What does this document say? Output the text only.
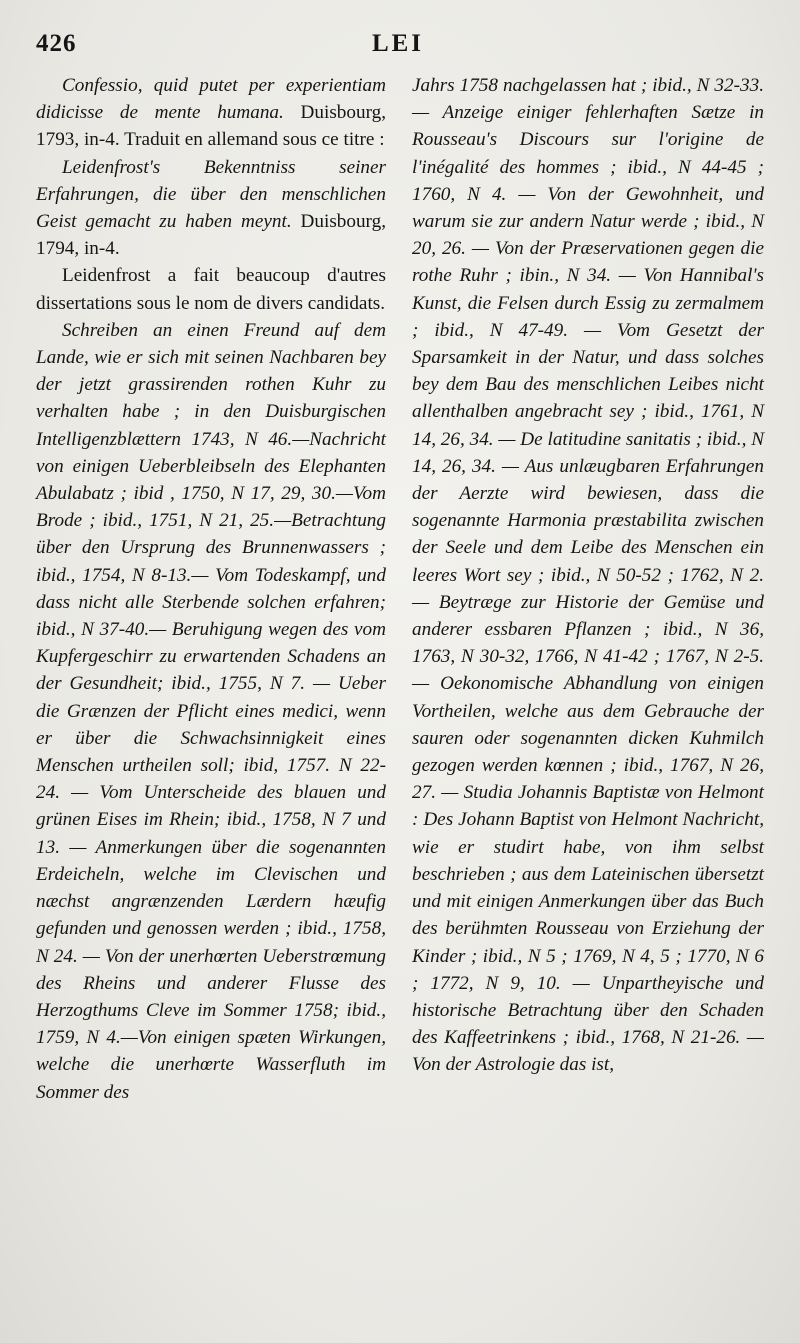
426	LEI

Confessio, quid putet per experientiam didicisse de mente humana. Duisbourg, 1793, in-4. Traduit en allemand sous ce titre :

Leidenfrost's Bekenntniss seiner Erfahrungen, die über den menschlichen Geist gemacht zu haben meynt. Duisbourg, 1794, in-4.

Leidenfrost a fait beaucoup d'autres dissertations sous le nom de divers candidats.

Schreiben an einen Freund auf dem Lande, wie er sich mit seinen Nachbaren bey der jetzt grassirenden rothen Kuhr zu verhalten habe ; in den Duisburgischen Intelligenzblættern 1743, N 46.—Nachricht von einigen Ueberbleibseln des Elephanten Abulabatz ; ibid , 1750, N 17, 29, 30.—Vom Brode ; ibid., 1751, N 21, 25.—Betrachtung über den Ursprung des Brunnenwassers ; ibid., 1754, N 8-13.— Vom Todeskampf, und dass nicht alle Sterbende solchen erfahren; ibid., N 37-40.— Beruhigung wegen des vom Kupfergeschirr zu erwartenden Schadens an der Gesundheit; ibid., 1755, N 7. — Ueber die Grænzen der Pflicht eines medici, wenn er über die Schwachsinnigkeit eines Menschen urtheilen soll; ibid, 1757. N 22-24. — Vom Unterscheide des blauen und grünen Eises im Rhein; ibid., 1758, N 7 und 13. — Anmerkungen über die sogenannten Erdeicheln, welche im Clevischen und næchst angrænzenden Lærdern hæufig gefunden und genossen werden ; ibid., 1758, N 24. — Von der unerhœrten Ueberstrœmung des Rheins und anderer Flusse des Herzogthums Cleve im Sommer 1758; ibid., 1759, N 4.—Von einigen spæten Wirkungen, welche die unerhœrte Wasserfluth im Sommer des

Jahrs 1758 nachgelassen hat ; ibid., N 32-33.— Anzeige einiger fehlerhaften Sætze in Rousseau's Discours sur l'origine de l'inégalité des hommes ; ibid., N 44-45 ; 1760, N 4. — Von der Gewohnheit, und warum sie zur andern Natur werde ; ibid., N 20, 26. — Von der Præservationen gegen die rothe Ruhr ; ibin., N 34. — Von Hannibal's Kunst, die Felsen durch Essig zu zermalmem ; ibid., N 47-49. — Vom Gesetzt der Sparsamkeit in der Natur, und dass solches bey dem Bau des menschlichen Leibes nicht allenthalben angebracht sey ; ibid., 1761, N 14, 26, 34. — De latitudine sanitatis ; ibid., N 14, 26, 34. — Aus unlæugbaren Erfahrungen der Aerzte wird bewiesen, dass die sogenannte Harmonia præstabilita zwischen der Seele und dem Leibe des Menschen ein leeres Wort sey ; ibid., N 50-52 ; 1762, N 2. — Beytræge zur Historie der Gemüse und anderer essbaren Pflanzen ; ibid., N 36, 1763, N 30-32, 1766, N 41-42 ; 1767, N 2-5. — Oekonomische Abhandlung von einigen Vortheilen, welche aus dem Gebrauche der sauren oder sogenannten dicken Kuhmilch gezogen werden kœnnen ; ibid., 1767, N 26, 27. — Studia Johannis Baptistæ von Helmont : Des Johann Baptist von Helmont Nachricht, wie er studirt habe, von ihm selbst beschrieben ; aus dem Lateinischen übersetzt und mit einigen Anmerkungen über das Buch des berühmten Rousseau von Erziehung der Kinder ; ibid., N 5 ; 1769, N 4, 5 ; 1770, N 6 ; 1772, N 9, 10. — Unpartheyische und historische Betrachtung über den Schaden des Kaffeetrinkens ; ibid., 1768, N 21-26. — Von der Astrologie das ist,
